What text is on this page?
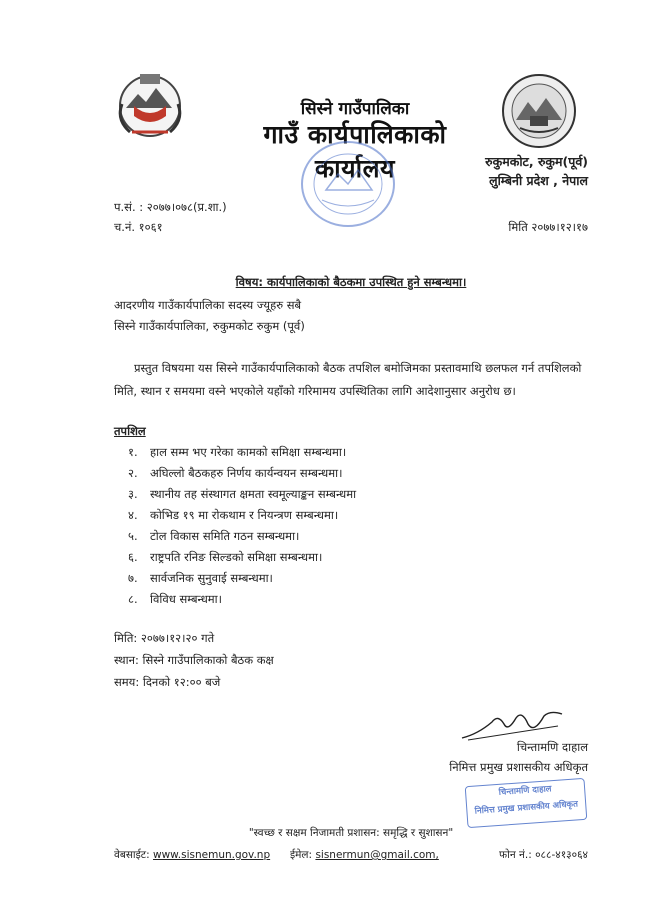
सिस्ने गाउँपालिका
गाउँ कार्यपालिकाको कार्यालय	रुकुमकोट, रुकुम(पूर्व)
लुम्बिनी प्रदेश , नेपाल
प.सं. : २०७७।०७८(प्र.शा.)
च.नं. १०६१	मिति २०७७।१२।१७
विषय: कार्यपालिकाको बैठकमा उपस्थित हुने सम्बन्धमा।
आदरणीय गाउँकार्यपालिका सदस्य ज्यूहरु सबै
सिस्ने गाउँकार्यपालिका, रुकुमकोट रुकुम (पूर्व)
प्रस्तुत विषयमा यस सिस्ने गाउँकार्यपालिकाको बैठक तपशिल बमोजिमका प्रस्तावमाथि छलफल गर्न तपशिलको मिति, स्थान र समयमा वस्ने भएकोले यहाँको गरिमामय उपस्थितिका लागि आदेशानुसार अनुरोध छ।
तपशिल
१.	हाल सम्म भए गरेका कामको समिक्षा सम्बन्धमा।
२.	अघिल्लो बैठकहरु निर्णय कार्यन्वयन सम्बन्धमा।
३.	स्थानीय तह संस्थागत क्षमता स्वमूल्याङ्कन सम्बन्धमा
४.	कोभिड १९ मा रोकथाम र नियन्त्रण सम्बन्धमा।
५.	टोल विकास समिति गठन सम्बन्धमा।
६.	राष्ट्रपति रनिङ सिल्डको समिक्षा सम्बन्धमा।
७.	सार्वजनिक सुनुवाई सम्बन्धमा।
८.	विविध सम्बन्धमा।
मिति: २०७७।१२।२० गते
स्थान: सिस्ने गाउँपालिकाको बैठक कक्ष
समय: दिनको १२:०० बजे
चिन्तामणि दाहाल
निमित्त प्रमुख प्रशासकीय अधिकृत
चिन्तामणि दाहाल
निमित्त प्रमुख प्रशासकीय अधिकृत
"स्वच्छ र सक्षम निजामती प्रशासन: समृद्धि र सुशासन"
वेबसाईट: www.sisnemun.gov.np ईमेल: sisnermun@gmail.com,	फोन नं.: ०८८-४१३०६४
